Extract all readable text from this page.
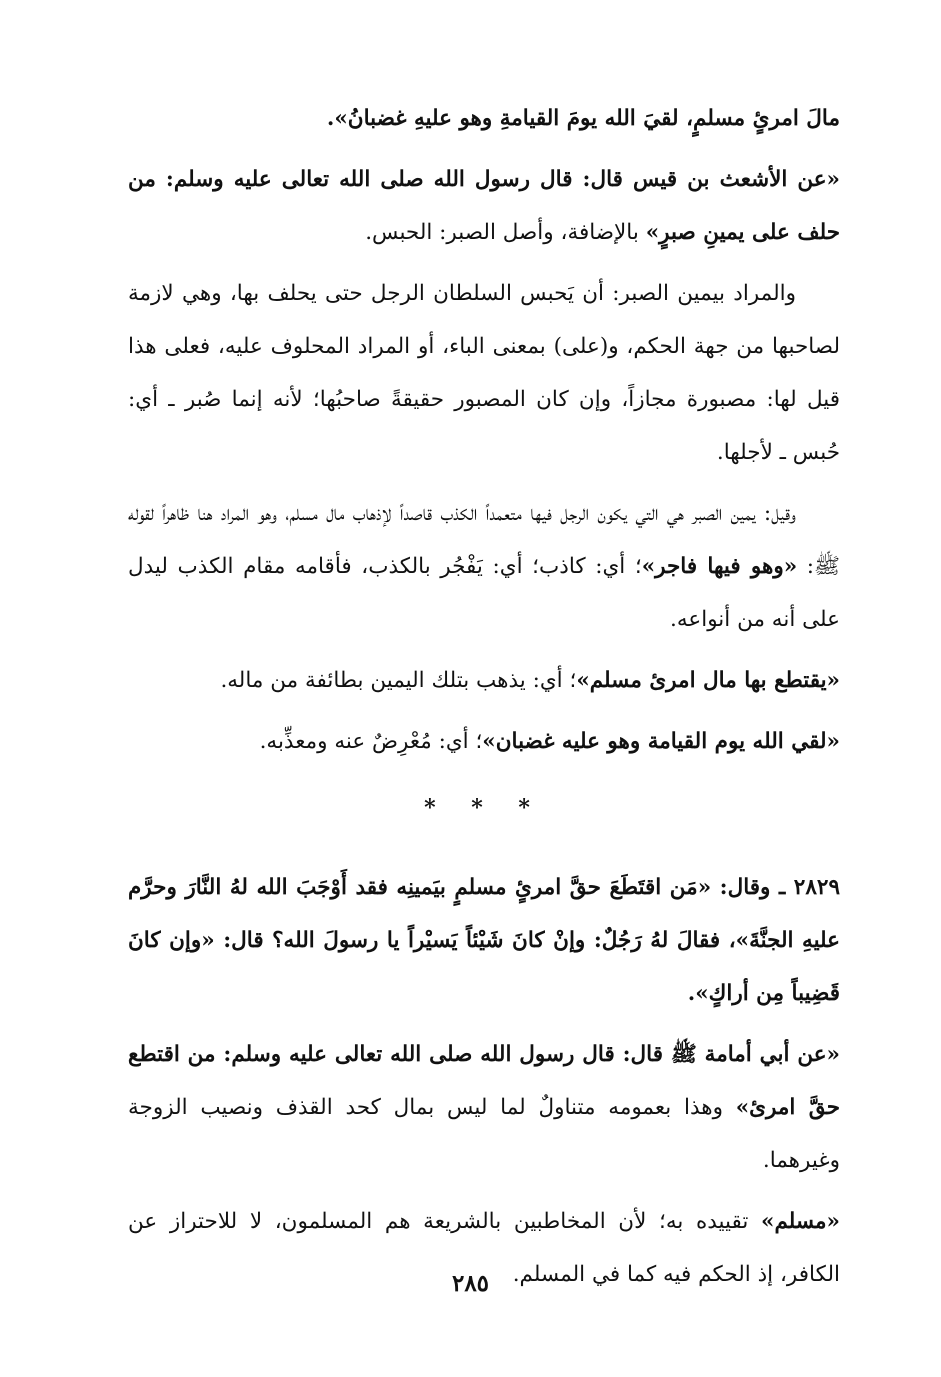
مالَ امرئٍ مسلمٍ، لقيَ الله يومَ القيامةِ وهو عليهِ غضبانُ».

«عن الأشعث بن قيس قال: قال رسول الله صلى الله تعالى عليه وسلم: من حلف على يمينِ صبرٍ» بالإضافة، وأصل الصبر: الحبس.

والمراد بيمين الصبر: أن يَحبس السلطان الرجل حتى يحلف بها، وهي لازمة لصاحبها من جهة الحكم، و(على) بمعنى الباء، أو المراد المحلوف عليه، فعلى هذا قيل لها: مصبورة مجازاً، وإن كان المصبور حقيقةً صاحبُها؛ لأنه إنما صُبر ـ أي: حُبس ـ لأجلها.

وقيل: يمين الصبر هي التي يكون الرجل فيها متعمداً الكذب قاصداً لإذهاب مال مسلم، وهو المراد هنا ظاهراً لقوله ﷺ: «وهو فيها فاجر»؛ أي: كاذب؛ أي: يَفْجُر بالكذب، فأقامه مقام الكذب ليدل على أنه من أنواعه.

«يقتطع بها مال امرئ مسلم»؛ أي: يذهب بتلك اليمين بطائفة من ماله.

«لقي الله يوم القيامة وهو عليه غضبان»؛ أي: مُعْرِضٌ عنه ومعذِّبه.

* * *

٢٨٢٩ ـ وقال: «مَن اقتَطَعَ حقَّ امرئٍ مسلمٍ بيَمينِه فقد أَوْجَبَ الله لهُ النَّارَ وحرَّم عليهِ الجنَّةَ»، فقالَ لهُ رَجُلٌ: وإنْ كانَ شَيْئاً يَسيْراً يا رسولَ الله؟ قال: «وإن كانَ قَضِيباً مِن أراكٍ».

«عن أبي أمامة ﷺ قال: قال رسول الله صلى الله تعالى عليه وسلم: من اقتطع حقَّ امرئ» وهذا بعمومه متناولٌ لما ليس بمال كحد القذف ونصيب الزوجة وغيرهما.

«مسلم» تقييده به؛ لأن المخاطبين بالشريعة هم المسلمون، لا للاحتراز عن الكافر، إذ الحكم فيه كما في المسلم.

٢٨٥
